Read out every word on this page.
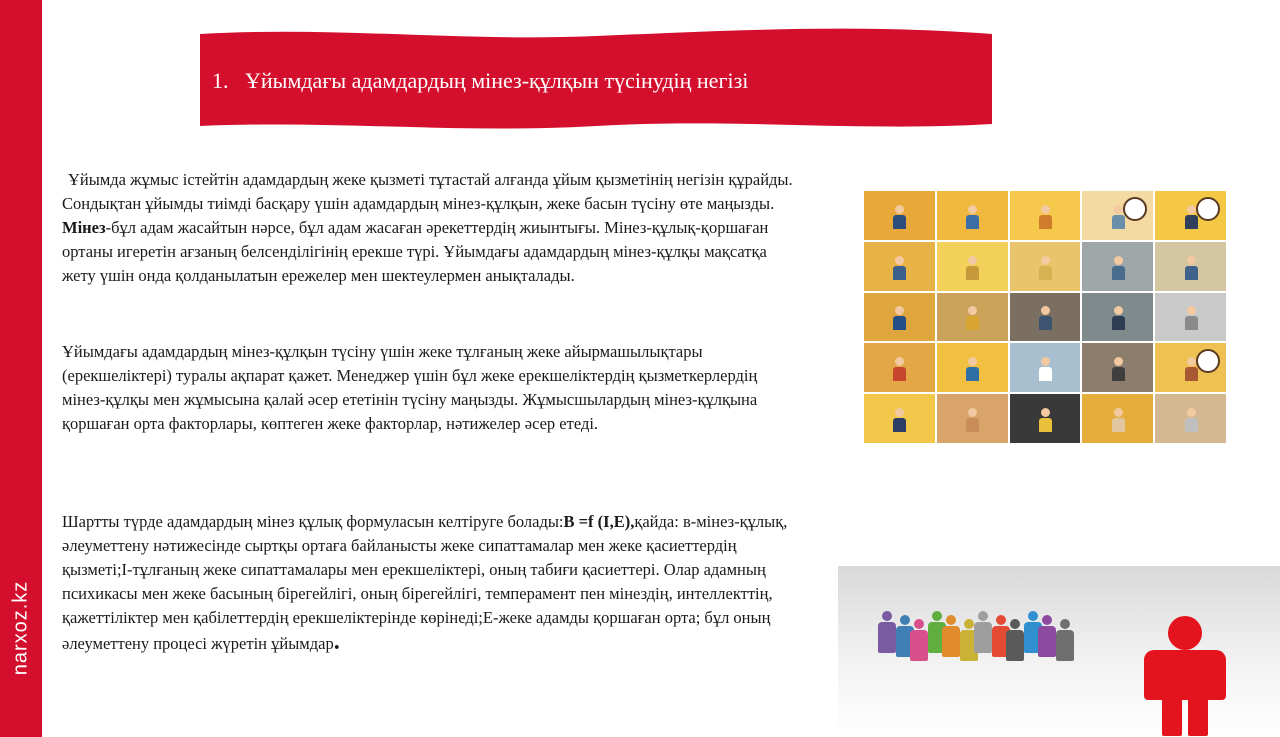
narxoz.kz
1. Ұйымдағы адамдардың мінез-құлқын түсінудің негізі

Ұйымда жұмыс істейтін адамдардың жеке қызметі тұтастай алғанда ұйым қызметінің негізін құрайды. Сондықтан ұйымды тиімді басқару үшін адамдардың мінез-құлқын, жеке басын түсіну өте маңызды. Мінез-бұл адам жасайтын нәрсе, бұл адам жасаған әрекеттердің жиынтығы. Мінез-құлық-қоршаған ортаны игеретін ағзаның белсенділігінің ерекше түрі. Ұйымдағы адамдардың мінез-құлқы мақсатқа жету үшін онда қолданылатын ережелер мен шектеулермен анықталады.

Ұйымдағы адамдардың мінез-құлқын түсіну үшін жеке тұлғаның жеке айырмашылықтары (ерекшеліктері) туралы ақпарат қажет. Менеджер үшін бұл жеке ерекшеліктердің қызметкерлердің мінез-құлқы мен жұмысына қалай әсер ететінін түсіну маңызды. Жұмысшылардың мінез-құлқына қоршаған орта факторлары, көптеген жеке факторлар, нәтижелер әсер етеді.

Шартты түрде адамдардың мінез құлық формуласын келтіруге болады:B =f (I,E),қайда: в-мінез-құлық, әлеуметтену нәтижесінде сыртқы ортаға байланысты жеке сипаттамалар мен жеке қасиеттердің қызметі;I-тұлғаның жеке сипаттамалары мен ерекшеліктері, оның табиғи қасиеттері. Олар адамның психикасы мен жеке басының бірегейлігі, оның бірегейлігі, темперамент пен мінездің, интеллекттің, қажеттіліктер мен қабілеттердің ерекшеліктерінде көрінеді;E-жеке адамды қоршаған орта; бұл оның әлеуметтену процесі жүретін ұйымдар.
